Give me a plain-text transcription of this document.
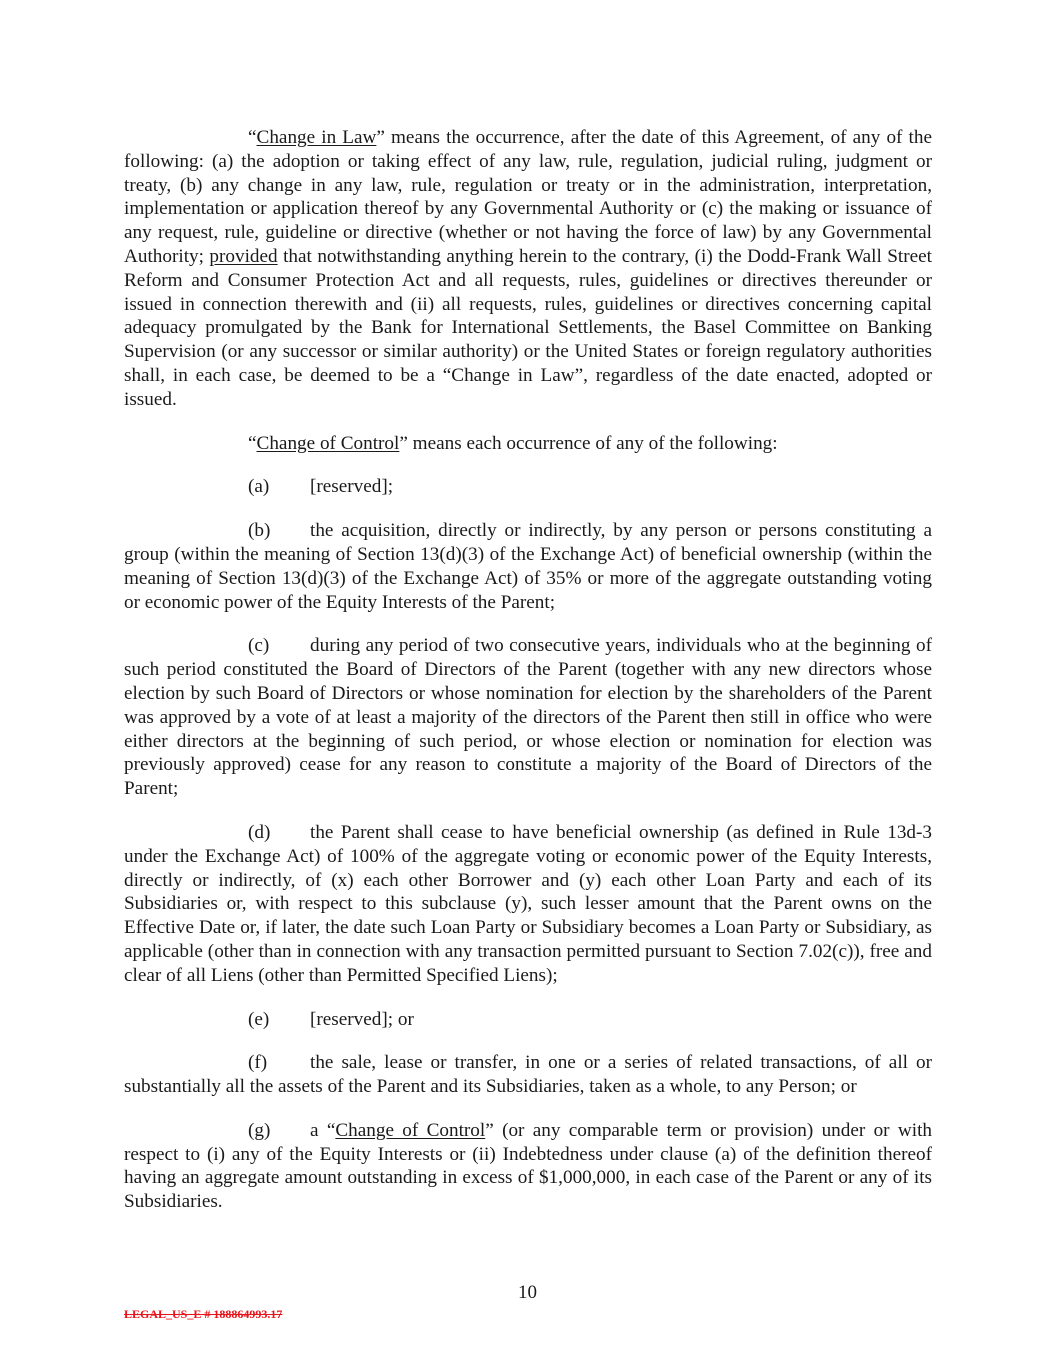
“Change in Law” means the occurrence, after the date of this Agreement, of any of the following: (a) the adoption or taking effect of any law, rule, regulation, judicial ruling, judgment or treaty, (b) any change in any law, rule, regulation or treaty or in the administration, interpretation, implementation or application thereof by any Governmental Authority or (c) the making or issuance of any request, rule, guideline or directive (whether or not having the force of law) by any Governmental Authority; provided that notwithstanding anything herein to the contrary, (i) the Dodd-Frank Wall Street Reform and Consumer Protection Act and all requests, rules, guidelines or directives thereunder or issued in connection therewith and (ii) all requests, rules, guidelines or directives concerning capital adequacy promulgated by the Bank for International Settlements, the Basel Committee on Banking Supervision (or any successor or similar authority) or the United States or foreign regulatory authorities shall, in each case, be deemed to be a “Change in Law”, regardless of the date enacted, adopted or issued.

“Change of Control” means each occurrence of any of the following:

(a) [reserved];

(b) the acquisition, directly or indirectly, by any person or persons constituting a group (within the meaning of Section 13(d)(3) of the Exchange Act) of beneficial ownership (within the meaning of Section 13(d)(3) of the Exchange Act) of 35% or more of the aggregate outstanding voting or economic power of the Equity Interests of the Parent;

(c) during any period of two consecutive years, individuals who at the beginning of such period constituted the Board of Directors of the Parent (together with any new directors whose election by such Board of Directors or whose nomination for election by the shareholders of the Parent was approved by a vote of at least a majority of the directors of the Parent then still in office who were either directors at the beginning of such period, or whose election or nomination for election was previously approved) cease for any reason to constitute a majority of the Board of Directors of the Parent;

(d) the Parent shall cease to have beneficial ownership (as defined in Rule 13d-3 under the Exchange Act) of 100% of the aggregate voting or economic power of the Equity Interests, directly or indirectly, of (x) each other Borrower and (y) each other Loan Party and each of its Subsidiaries or, with respect to this subclause (y), such lesser amount that the Parent owns on the Effective Date or, if later, the date such Loan Party or Subsidiary becomes a Loan Party or Subsidiary, as applicable (other than in connection with any transaction permitted pursuant to Section 7.02(c)), free and clear of all Liens (other than Permitted Specified Liens);

(e) [reserved]; or

(f) the sale, lease or transfer, in one or a series of related transactions, of all or substantially all the assets of the Parent and its Subsidiaries, taken as a whole, to any Person; or

(g) a “Change of Control” (or any comparable term or provision) under or with respect to (i) any of the Equity Interests or (ii) Indebtedness under clause (a) of the definition thereof having an aggregate amount outstanding in excess of $1,000,000, in each case of the Parent or any of its Subsidiaries.

10
LEGAL_US_E # 188864993.17
